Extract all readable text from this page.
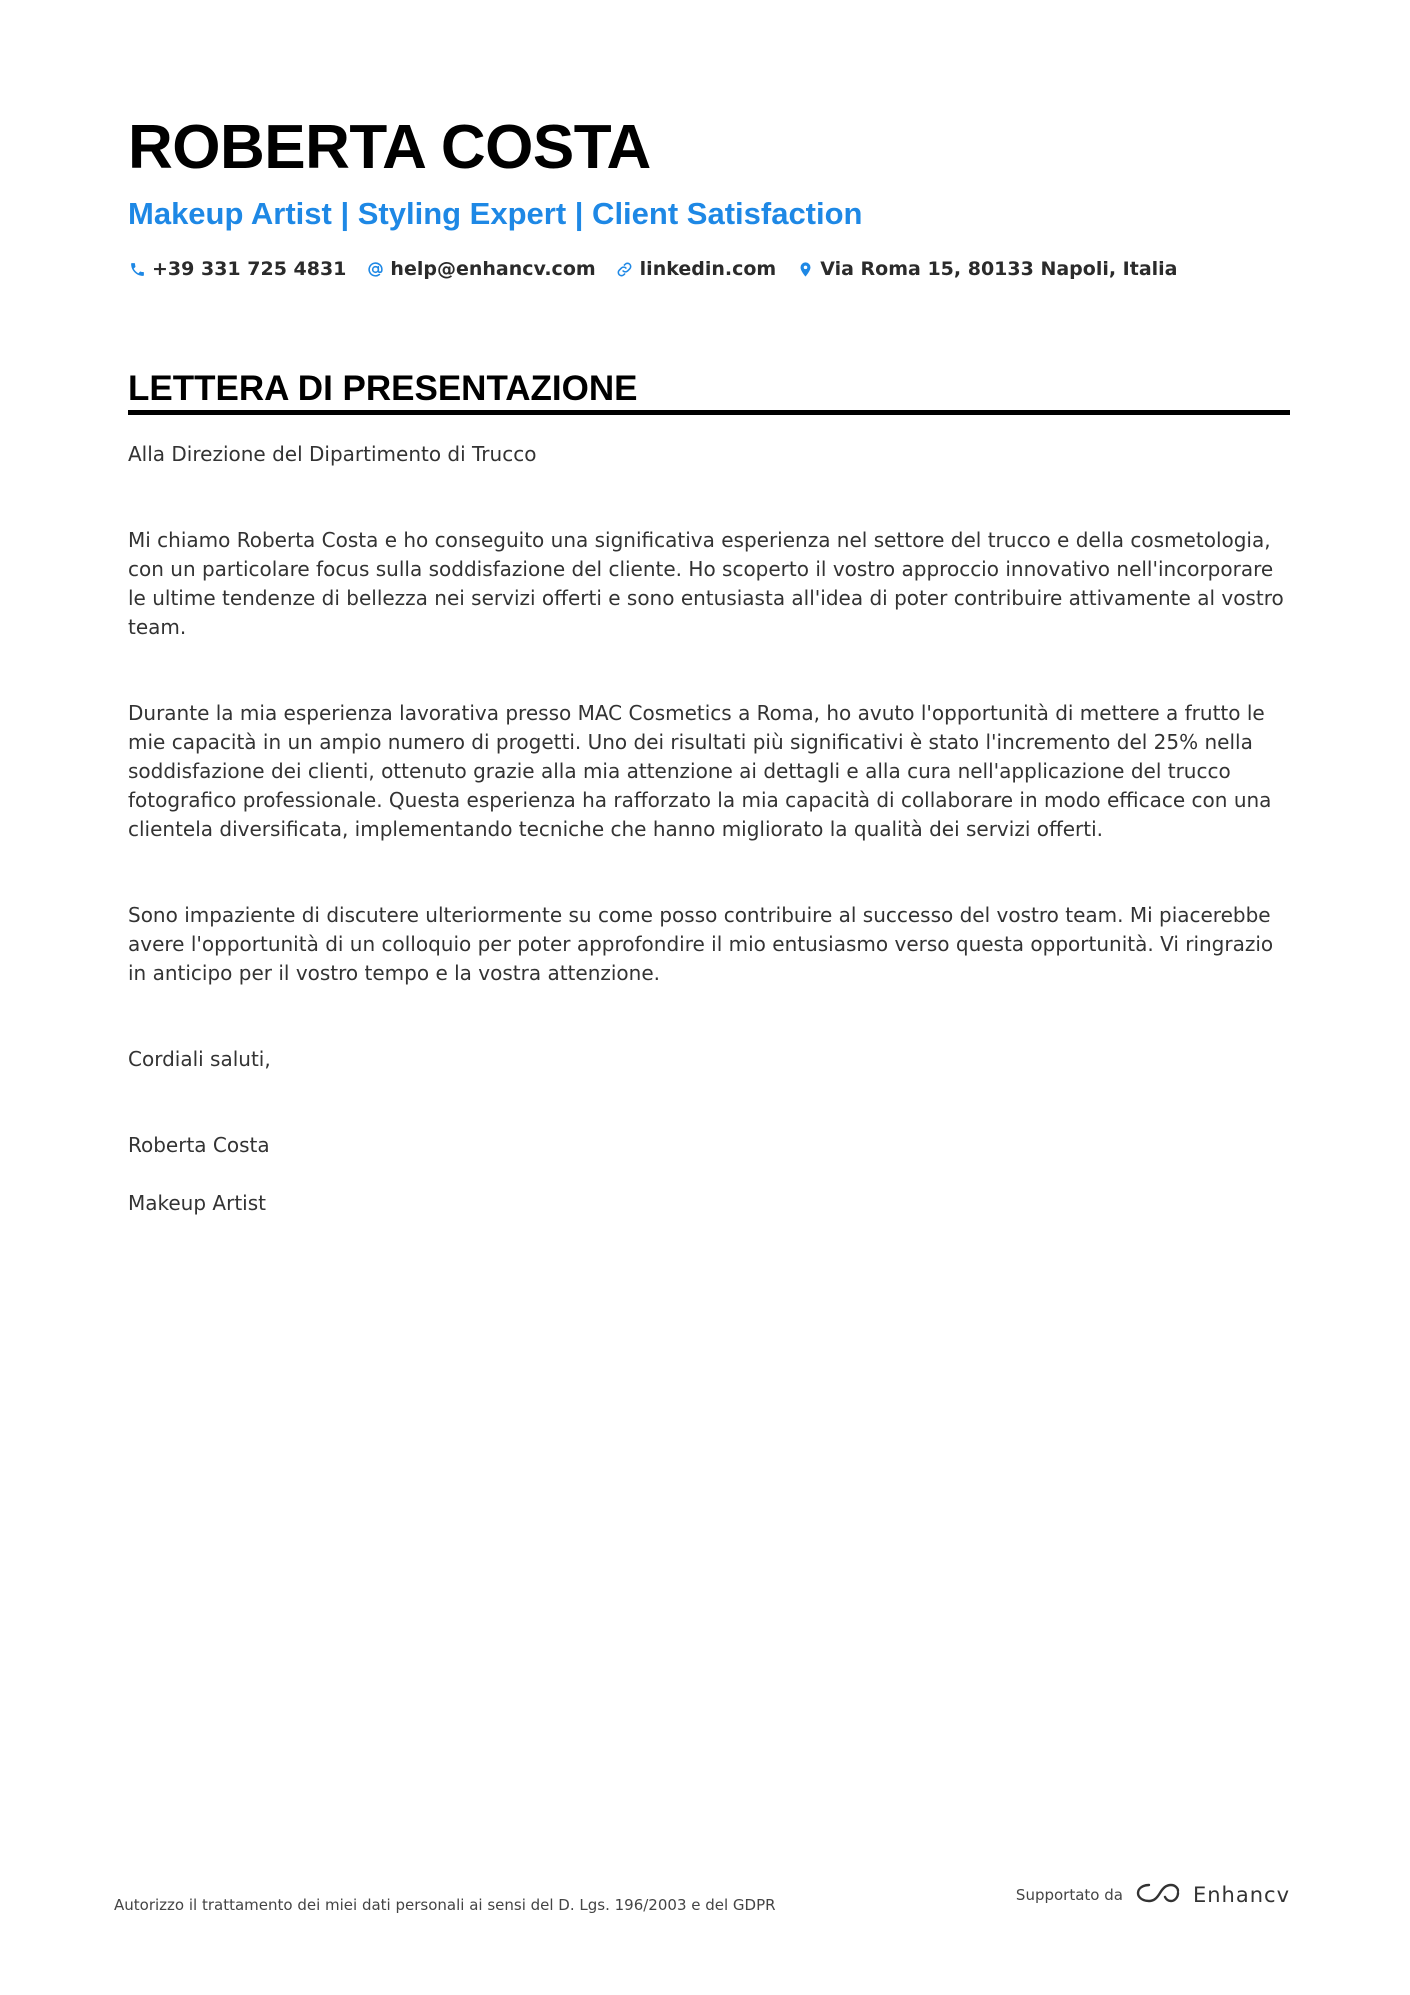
ROBERTA COSTA
Makeup Artist | Styling Expert | Client Satisfaction
+39 331 725 4831 help@enhancv.com linkedin.com Via Roma 15, 80133 Napoli, Italia
LETTERA DI PRESENTAZIONE

Alla Direzione del Dipartimento di Trucco

Mi chiamo Roberta Costa e ho conseguito una significativa esperienza nel settore del trucco e della cosmetologia, con un particolare focus sulla soddisfazione del cliente. Ho scoperto il vostro approccio innovativo nell'incorporare le ultime tendenze di bellezza nei servizi offerti e sono entusiasta all'idea di poter contribuire attivamente al vostro team.

Durante la mia esperienza lavorativa presso MAC Cosmetics a Roma, ho avuto l'opportunità di mettere a frutto le mie capacità in un ampio numero di progetti. Uno dei risultati più significativi è stato l'incremento del 25% nella soddisfazione dei clienti, ottenuto grazie alla mia attenzione ai dettagli e alla cura nell'applicazione del trucco fotografico professionale. Questa esperienza ha rafforzato la mia capacità di collaborare in modo efficace con una clientela diversificata, implementando tecniche che hanno migliorato la qualità dei servizi offerti.

Sono impaziente di discutere ulteriormente su come posso contribuire al successo del vostro team. Mi piacerebbe avere l'opportunità di un colloquio per poter approfondire il mio entusiasmo verso questa opportunità. Vi ringrazio in anticipo per il vostro tempo e la vostra attenzione.

Cordiali saluti,

Roberta Costa

Makeup Artist

Autorizzo il trattamento dei miei dati personali ai sensi del D. Lgs. 196/2003 e del GDPR
Supportato da	Enhancv
